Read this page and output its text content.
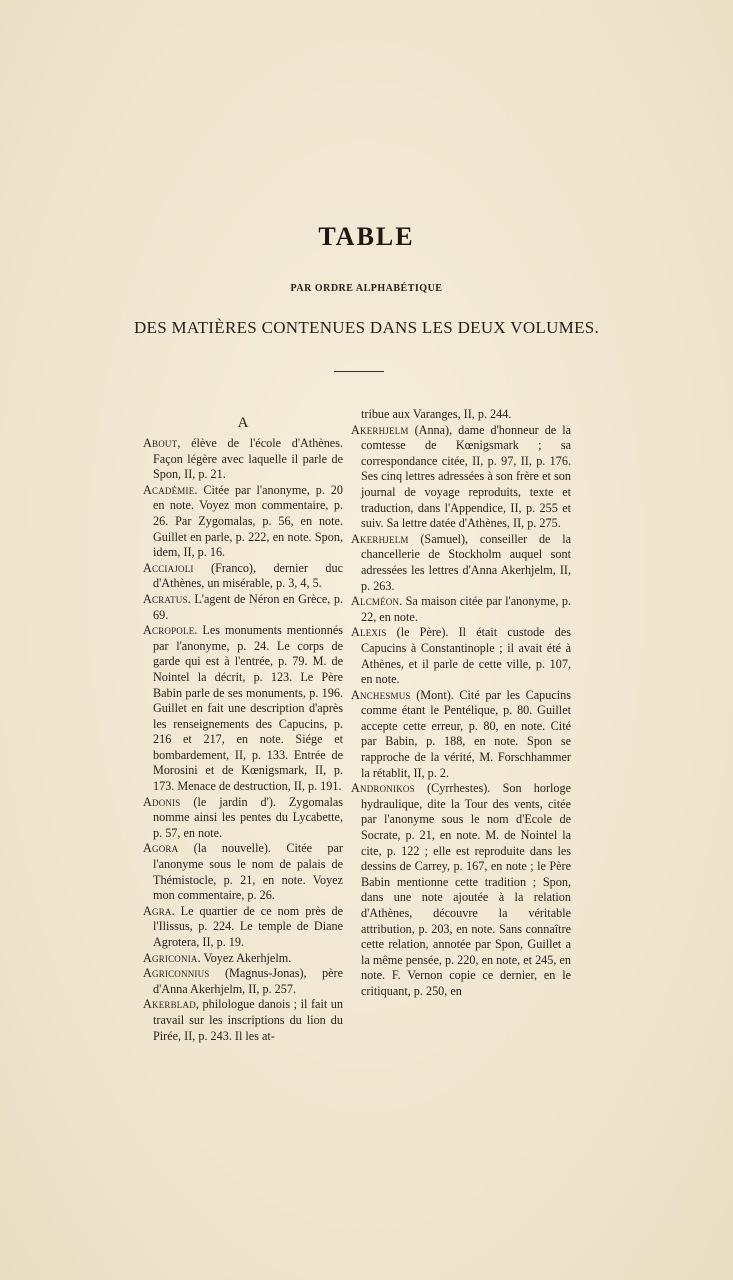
TABLE
PAR ORDRE ALPHABÉTIQUE
DES MATIÈRES CONTENUES DANS LES DEUX VOLUMES.
A

About, élève de l'école d'Athènes. Façon légère avec laquelle il parle de Spon, II, p. 21.

Académie. Citée par l'anonyme, p. 20 en note. Voyez mon commentaire, p. 26. Par Zygomalas, p. 56, en note. Guillet en parle, p. 222, en note. Spon, idem, II, p. 16.

Acciajoli (Franco), dernier duc d'Athènes, un misérable, p. 3, 4, 5.

Acratus. L'agent de Néron en Grèce, p. 69.

Acropole. Les monuments mentionnés par l'anonyme, p. 24. Le corps de garde qui est à l'entrée, p. 79. M. de Nointel la décrit, p. 123. Le Père Babin parle de ses monuments, p. 196. Guillet en fait une description d'après les renseignements des Capucins, p. 216 et 217, en note. Siége et bombardement, II, p. 133. Entrée de Morosini et de Kœnigsmark, II, p. 173. Menace de destruction, II, p. 191.

Adonis (le jardin d'). Zygomalas nomme ainsi les pentes du Lycabette, p. 57, en note.

Agora (la nouvelle). Citée par l'anonyme sous le nom de palais de Thémistocle, p. 21, en note. Voyez mon commentaire, p. 26.

Agra. Le quartier de ce nom près de l'Ilissus, p. 224. Le temple de Diane Agrotera, II, p. 19.

Agriconia. Voyez Akerhjelm.

Agriconnius (Magnus-Jonas), père d'Anna Akerhjelm, II, p. 257.

Akerblad, philologue danois ; il fait un travail sur les inscriptions du lion du Pirée, II, p. 243. Il les at-

tribue aux Varanges, II, p. 244.

Akerhjelm (Anna), dame d'honneur de la comtesse de Kœnigsmark ; sa correspondance citée, II, p. 97, II, p. 176. Ses cinq lettres adressées à son frère et son journal de voyage reproduits, texte et traduction, dans l'Appendice, II, p. 255 et suiv. Sa lettre datée d'Athènes, II, p. 275.

Akerhjelm (Samuel), conseiller de la chancellerie de Stockholm auquel sont adressées les lettres d'Anna Akerhjelm, II, p. 263.

Alcméon. Sa maison citée par l'anonyme, p. 22, en note.

Alexis (le Père). Il était custode des Capucins à Constantinople ; il avait été à Athènes, et il parle de cette ville, p. 107, en note.

Anchesmus (Mont). Cité par les Capucins comme étant le Pentélique, p. 80. Guillet accepte cette erreur, p. 80, en note. Cité par Babin, p. 188, en note. Spon se rapproche de la vérité, M. Forschhammer la rétablit, II, p. 2.

Andronikos (Cyrrhestes). Son horloge hydraulique, dite la Tour des vents, citée par l'anonyme sous le nom d'Ecole de Socrate, p. 21, en note. M. de Nointel la cite, p. 122 ; elle est reproduite dans les dessins de Carrey, p. 167, en note ; le Père Babin mentionne cette tradition ; Spon, dans une note ajoutée à la relation d'Athènes, découvre la véritable attribution, p. 203, en note. Sans connaître cette relation, annotée par Spon, Guillet a la même pensée, p. 220, en note, et 245, en note. F. Vernon copie ce dernier, en le critiquant, p. 250, en
